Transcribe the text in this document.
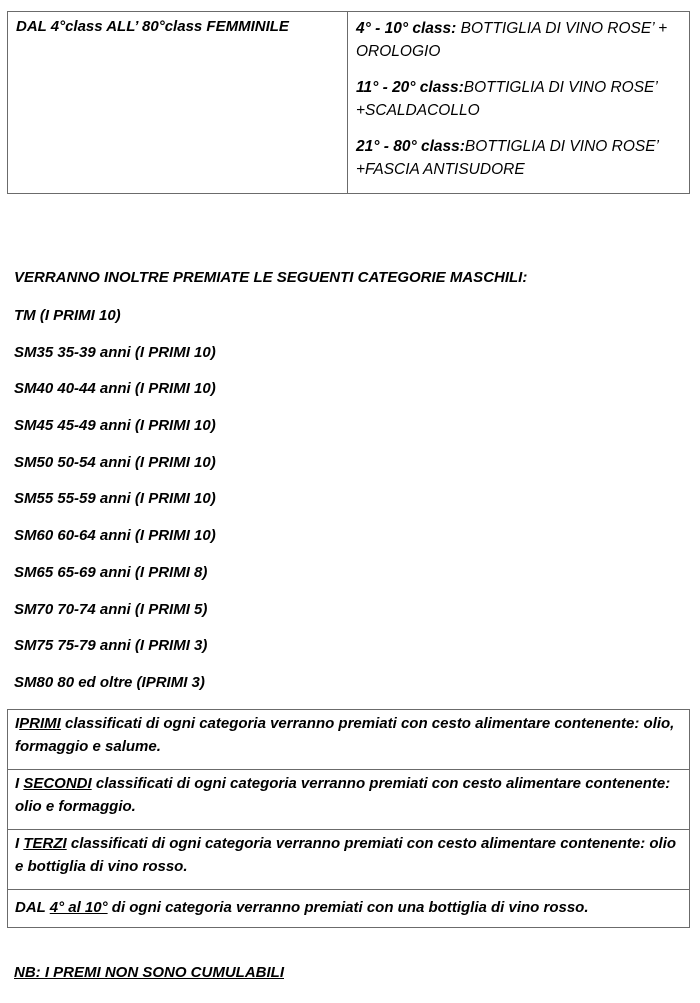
DAL 4°class ALL’ 80°class FEMMINILE	4° - 10° class: BOTTIGLIA DI VINO ROSE’ + OROLOGIO
11° - 20° class:BOTTIGLIA DI VINO ROSE’ +SCALDACOLLO
21° - 80° class:BOTTIGLIA DI VINO ROSE’ +FASCIA ANTISUDORE
VERRANNO INOLTRE PREMIATE LE SEGUENTI CATEGORIE MASCHILI:
TM (I PRIMI 10)
SM35 35-39 anni (I PRIMI 10)
SM40 40-44 anni (I PRIMI 10)
SM45 45-49 anni (I PRIMI 10)
SM50 50-54 anni (I PRIMI 10)
SM55 55-59 anni (I PRIMI 10)
SM60 60-64 anni (I PRIMI 10)
SM65 65-69 anni (I PRIMI 8)
SM70 70-74 anni (I PRIMI 5)
SM75 75-79 anni (I PRIMI 3)
SM80 80 ed oltre (IPRIMI 3)
IPRIMI classificati di ogni categoria verranno premiati con cesto alimentare contenente: olio, formaggio e salume.
I SECONDI classificati di ogni categoria verranno premiati con cesto alimentare contenente: olio e formaggio.
I TERZI classificati di ogni categoria verranno premiati con cesto alimentare contenente: olio e bottiglia di vino rosso.
DAL 4° al 10° di ogni categoria verranno premiati con una bottiglia di vino rosso.
NB: I PREMI NON SONO CUMULABILI
